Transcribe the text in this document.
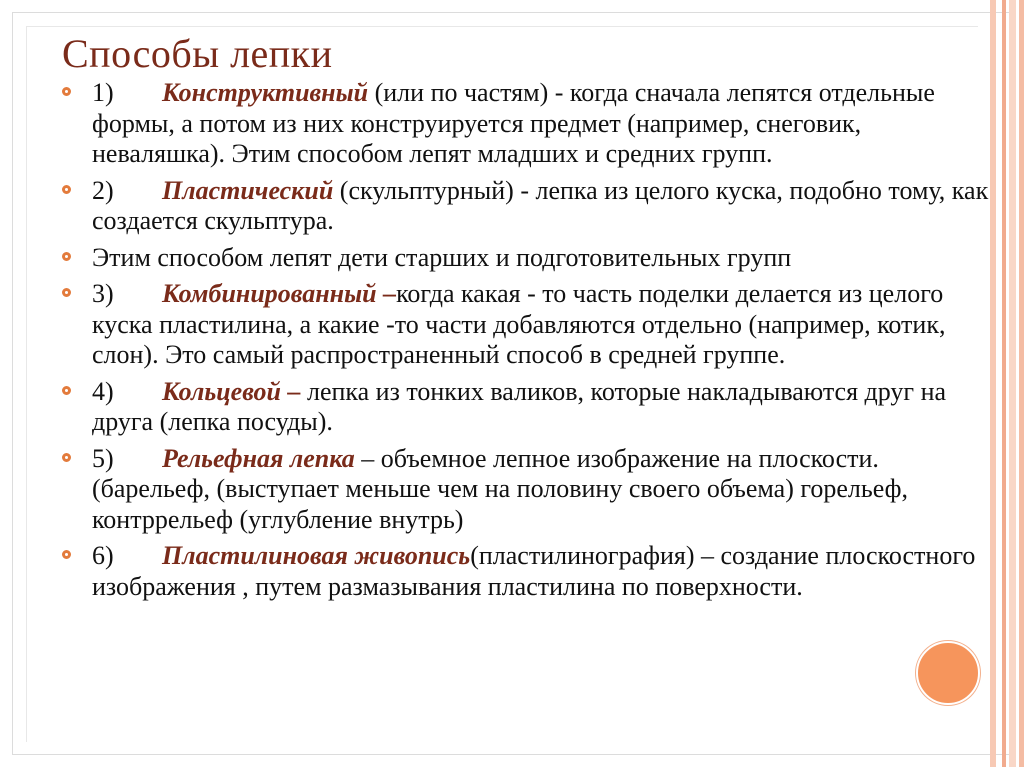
Способы лепки
1) Конструктивный (или по частям) - когда сначала лепятся отдельные формы, а потом из них конструируется предмет (например, снеговик, неваляшка). Этим способом лепят младших и средних групп.
2) Пластический (скульптурный) - лепка из целого куска, подобно тому, как создается скульптура.
Этим способом лепят дети старших и подготовительных групп
3) Комбинированный –когда какая - то часть поделки делается из целого куска пластилина, а какие -то части добавляются отдельно (например, котик, слон). Это самый распространенный способ в средней группе.
4) Кольцевой – лепка из тонких валиков, которые накладываются друг на друга (лепка посуды).
5) Рельефная лепка – объемное лепное изображение на плоскости. (барельеф, (выступает меньше чем на половину своего объема) горельеф, контррельеф (углубление внутрь)
6) Пластилиновая живопись(пластилинография) – создание плоскостного изображения , путем размазывания пластилина по поверхности.
